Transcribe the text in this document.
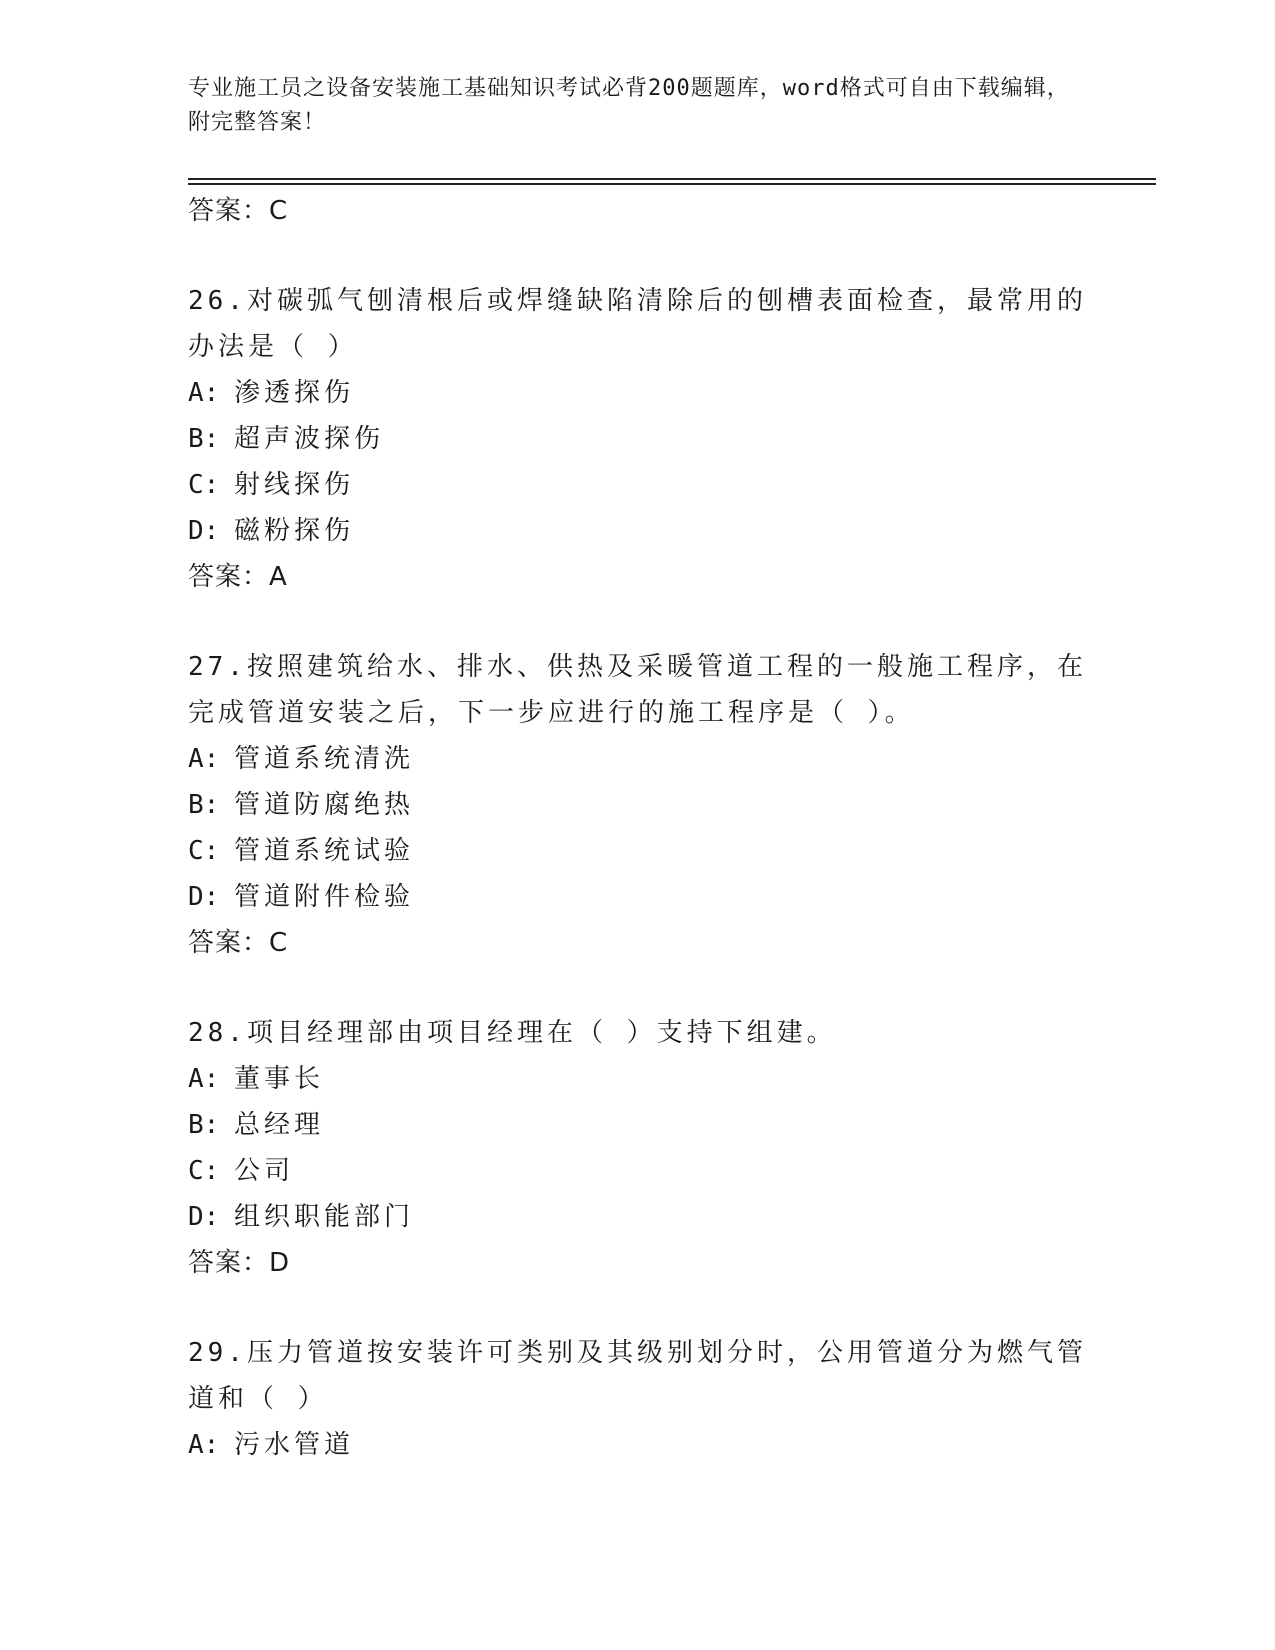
专业施工员之设备安装施工基础知识考试必背200题题库，word格式可自由下载编辑，附完整答案！
答案：C
26.对碳弧气刨清根后或焊缝缺陷清除后的刨槽表面检查，最常用的办法是（ ）
A: 渗透探伤
B: 超声波探伤
C: 射线探伤
D: 磁粉探伤
答案：A
27.按照建筑给水、排水、供热及采暖管道工程的一般施工程序，在完成管道安装之后，下一步应进行的施工程序是（ ）。
A: 管道系统清洗
B: 管道防腐绝热
C: 管道系统试验
D: 管道附件检验
答案：C
28.项目经理部由项目经理在（ ）支持下组建。
A: 董事长
B: 总经理
C: 公司
D: 组织职能部门
答案：D
29.压力管道按安装许可类别及其级别划分时，公用管道分为燃气管道和（ ）
A: 污水管道
